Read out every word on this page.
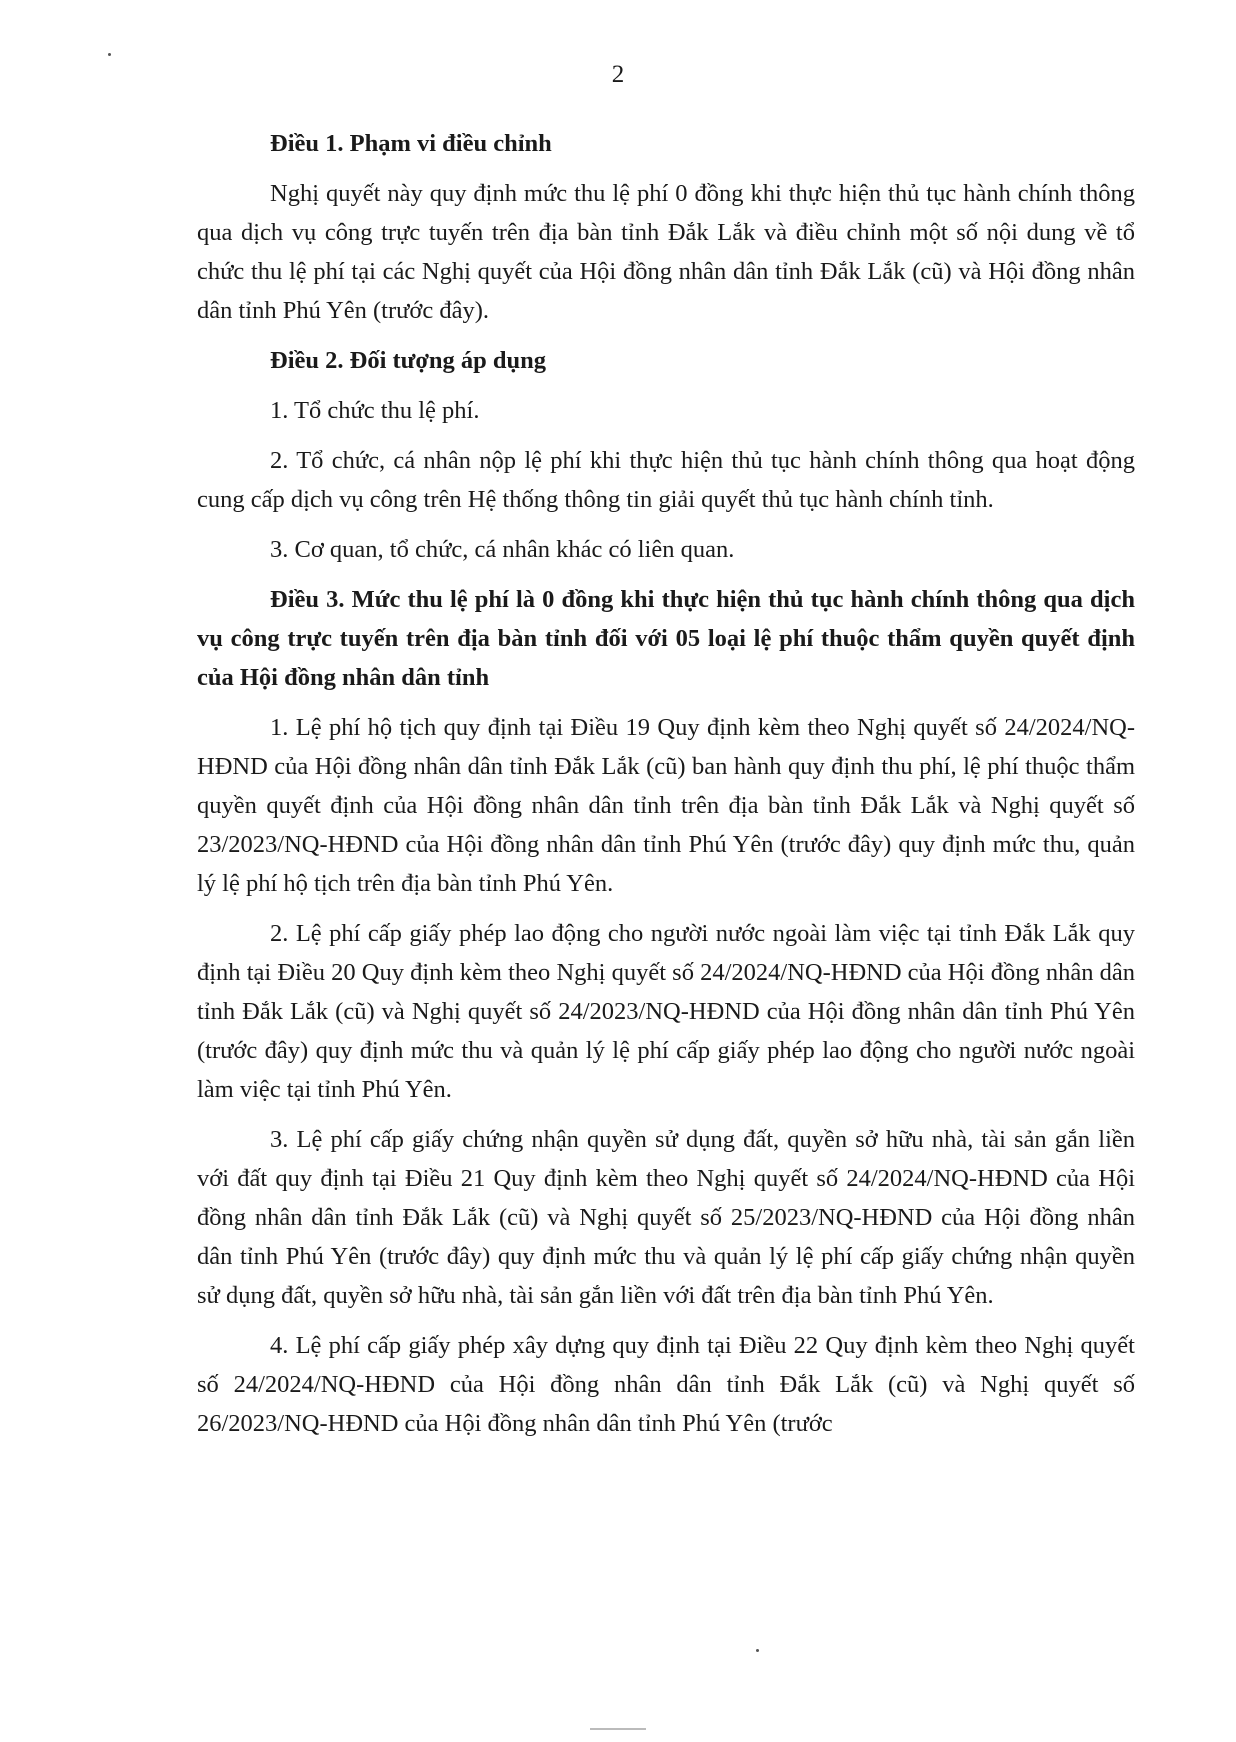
2

Điều 1. Phạm vi điều chỉnh

Nghị quyết này quy định mức thu lệ phí 0 đồng khi thực hiện thủ tục hành chính thông qua dịch vụ công trực tuyến trên địa bàn tỉnh Đắk Lắk và điều chỉnh một số nội dung về tổ chức thu lệ phí tại các Nghị quyết của Hội đồng nhân dân tỉnh Đắk Lắk (cũ) và Hội đồng nhân dân tỉnh Phú Yên (trước đây).

Điều 2. Đối tượng áp dụng

1. Tổ chức thu lệ phí.

2. Tổ chức, cá nhân nộp lệ phí khi thực hiện thủ tục hành chính thông qua hoạt động cung cấp dịch vụ công trên Hệ thống thông tin giải quyết thủ tục hành chính tỉnh.

3. Cơ quan, tổ chức, cá nhân khác có liên quan.

Điều 3. Mức thu lệ phí là 0 đồng khi thực hiện thủ tục hành chính thông qua dịch vụ công trực tuyến trên địa bàn tỉnh đối với 05 loại lệ phí thuộc thẩm quyền quyết định của Hội đồng nhân dân tỉnh

1. Lệ phí hộ tịch quy định tại Điều 19 Quy định kèm theo Nghị quyết số 24/2024/NQ-HĐND của Hội đồng nhân dân tỉnh Đắk Lắk (cũ) ban hành quy định thu phí, lệ phí thuộc thẩm quyền quyết định của Hội đồng nhân dân tỉnh trên địa bàn tỉnh Đắk Lắk và Nghị quyết số 23/2023/NQ-HĐND của Hội đồng nhân dân tỉnh Phú Yên (trước đây) quy định mức thu, quản lý lệ phí hộ tịch trên địa bàn tỉnh Phú Yên.

2. Lệ phí cấp giấy phép lao động cho người nước ngoài làm việc tại tỉnh Đắk Lắk quy định tại Điều 20 Quy định kèm theo Nghị quyết số 24/2024/NQ-HĐND của Hội đồng nhân dân tỉnh Đắk Lắk (cũ) và Nghị quyết số 24/2023/NQ-HĐND của Hội đồng nhân dân tỉnh Phú Yên (trước đây) quy định mức thu và quản lý lệ phí cấp giấy phép lao động cho người nước ngoài làm việc tại tỉnh Phú Yên.

3. Lệ phí cấp giấy chứng nhận quyền sử dụng đất, quyền sở hữu nhà, tài sản gắn liền với đất quy định tại Điều 21 Quy định kèm theo Nghị quyết số 24/2024/NQ-HĐND của Hội đồng nhân dân tỉnh Đắk Lắk (cũ) và Nghị quyết số 25/2023/NQ-HĐND của Hội đồng nhân dân tỉnh Phú Yên (trước đây) quy định mức thu và quản lý lệ phí cấp giấy chứng nhận quyền sử dụng đất, quyền sở hữu nhà, tài sản gắn liền với đất trên địa bàn tỉnh Phú Yên.

4. Lệ phí cấp giấy phép xây dựng quy định tại Điều 22 Quy định kèm theo Nghị quyết số 24/2024/NQ-HĐND của Hội đồng nhân dân tỉnh Đắk Lắk (cũ) và Nghị quyết số 26/2023/NQ-HĐND của Hội đồng nhân dân tỉnh Phú Yên (trước
